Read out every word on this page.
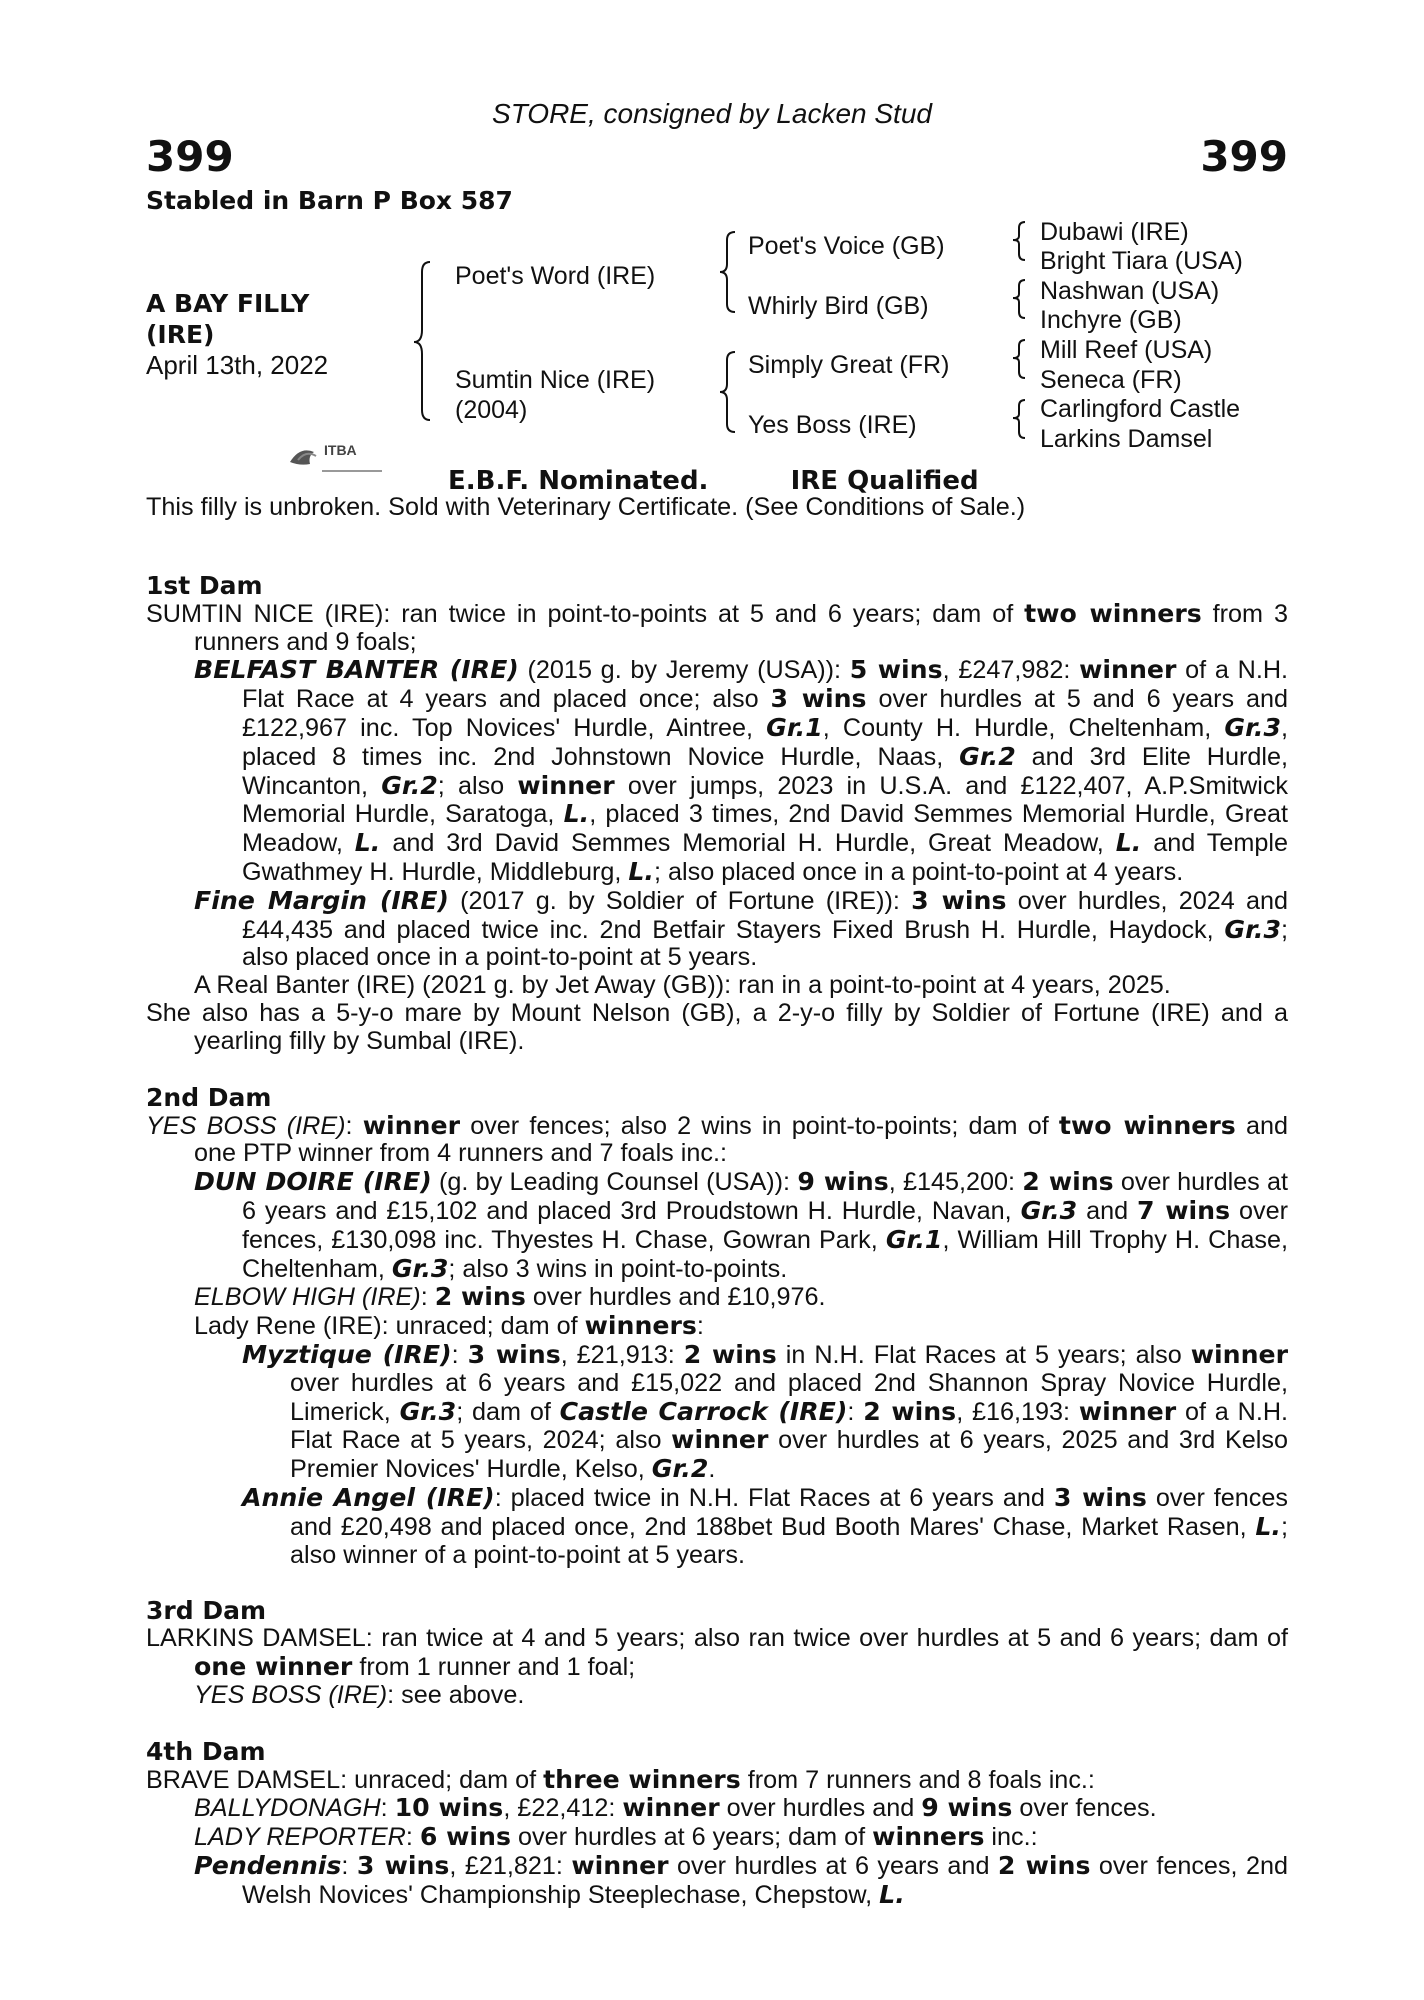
STORE, consigned by Lacken Stud
399	399
Stabled in Barn P Box 587
A BAY FILLY
(IRE)
April 13th, 2022
Poet's Word (IRE)
Sumtin Nice (IRE)
(2004)
Poet's Voice (GB)
Whirly Bird (GB)
Simply Great (FR)
Yes Boss (IRE)
Dubawi (IRE)
Bright Tiara (USA)
Nashwan (USA)
Inchyre (GB)
Mill Reef (USA)
Seneca (FR)
Carlingford Castle
Larkins Damsel
ITBA
E.B.F. Nominated.	IRE Qualified

This filly is unbroken. Sold with Veterinary Certificate. (See Conditions of Sale.)

1st Dam

SUMTIN NICE (IRE): ran twice in point-to-points at 5 and 6 years; dam of two winners from 3 runners and 9 foals;

BELFAST BANTER (IRE) (2015 g. by Jeremy (USA)): 5 wins, £247,982: winner of a N.H. Flat Race at 4 years and placed once; also 3 wins over hurdles at 5 and 6 years and £122,967 inc. Top Novices' Hurdle, Aintree, Gr.1, County H. Hurdle, Cheltenham, Gr.3, placed 8 times inc. 2nd Johnstown Novice Hurdle, Naas, Gr.2 and 3rd Elite Hurdle, Wincanton, Gr.2; also winner over jumps, 2023 in U.S.A. and £122,407, A.P.Smitwick Memorial Hurdle, Saratoga, L., placed 3 times, 2nd David Semmes Memorial Hurdle, Great Meadow, L. and 3rd David Semmes Memorial H. Hurdle, Great Meadow, L. and Temple Gwathmey H. Hurdle, Middleburg, L.; also placed once in a point-to-point at 4 years.

Fine Margin (IRE) (2017 g. by Soldier of Fortune (IRE)): 3 wins over hurdles, 2024 and £44,435 and placed twice inc. 2nd Betfair Stayers Fixed Brush H. Hurdle, Haydock, Gr.3; also placed once in a point-to-point at 5 years.

A Real Banter (IRE) (2021 g. by Jet Away (GB)): ran in a point-to-point at 4 years, 2025.

She also has a 5-y-o mare by Mount Nelson (GB), a 2-y-o filly by Soldier of Fortune (IRE) and a yearling filly by Sumbal (IRE).

2nd Dam

YES BOSS (IRE): winner over fences; also 2 wins in point-to-points; dam of two winners and one PTP winner from 4 runners and 7 foals inc.:

DUN DOIRE (IRE) (g. by Leading Counsel (USA)): 9 wins, £145,200: 2 wins over hurdles at 6 years and £15,102 and placed 3rd Proudstown H. Hurdle, Navan, Gr.3 and 7 wins over fences, £130,098 inc. Thyestes H. Chase, Gowran Park, Gr.1, William Hill Trophy H. Chase, Cheltenham, Gr.3; also 3 wins in point-to-points.

ELBOW HIGH (IRE): 2 wins over hurdles and £10,976.

Lady Rene (IRE): unraced; dam of winners:

Myztique (IRE): 3 wins, £21,913: 2 wins in N.H. Flat Races at 5 years; also winner over hurdles at 6 years and £15,022 and placed 2nd Shannon Spray Novice Hurdle, Limerick, Gr.3; dam of Castle Carrock (IRE): 2 wins, £16,193: winner of a N.H. Flat Race at 5 years, 2024; also winner over hurdles at 6 years, 2025 and 3rd Kelso Premier Novices' Hurdle, Kelso, Gr.2.

Annie Angel (IRE): placed twice in N.H. Flat Races at 6 years and 3 wins over fences and £20,498 and placed once, 2nd 188bet Bud Booth Mares' Chase, Market Rasen, L.; also winner of a point-to-point at 5 years.

3rd Dam

LARKINS DAMSEL: ran twice at 4 and 5 years; also ran twice over hurdles at 5 and 6 years; dam of one winner from 1 runner and 1 foal;

YES BOSS (IRE): see above.

4th Dam

BRAVE DAMSEL: unraced; dam of three winners from 7 runners and 8 foals inc.:

BALLYDONAGH: 10 wins, £22,412: winner over hurdles and 9 wins over fences.

LADY REPORTER: 6 wins over hurdles at 6 years; dam of winners inc.:

Pendennis: 3 wins, £21,821: winner over hurdles at 6 years and 2 wins over fences, 2nd Welsh Novices' Championship Steeplechase, Chepstow, L.
